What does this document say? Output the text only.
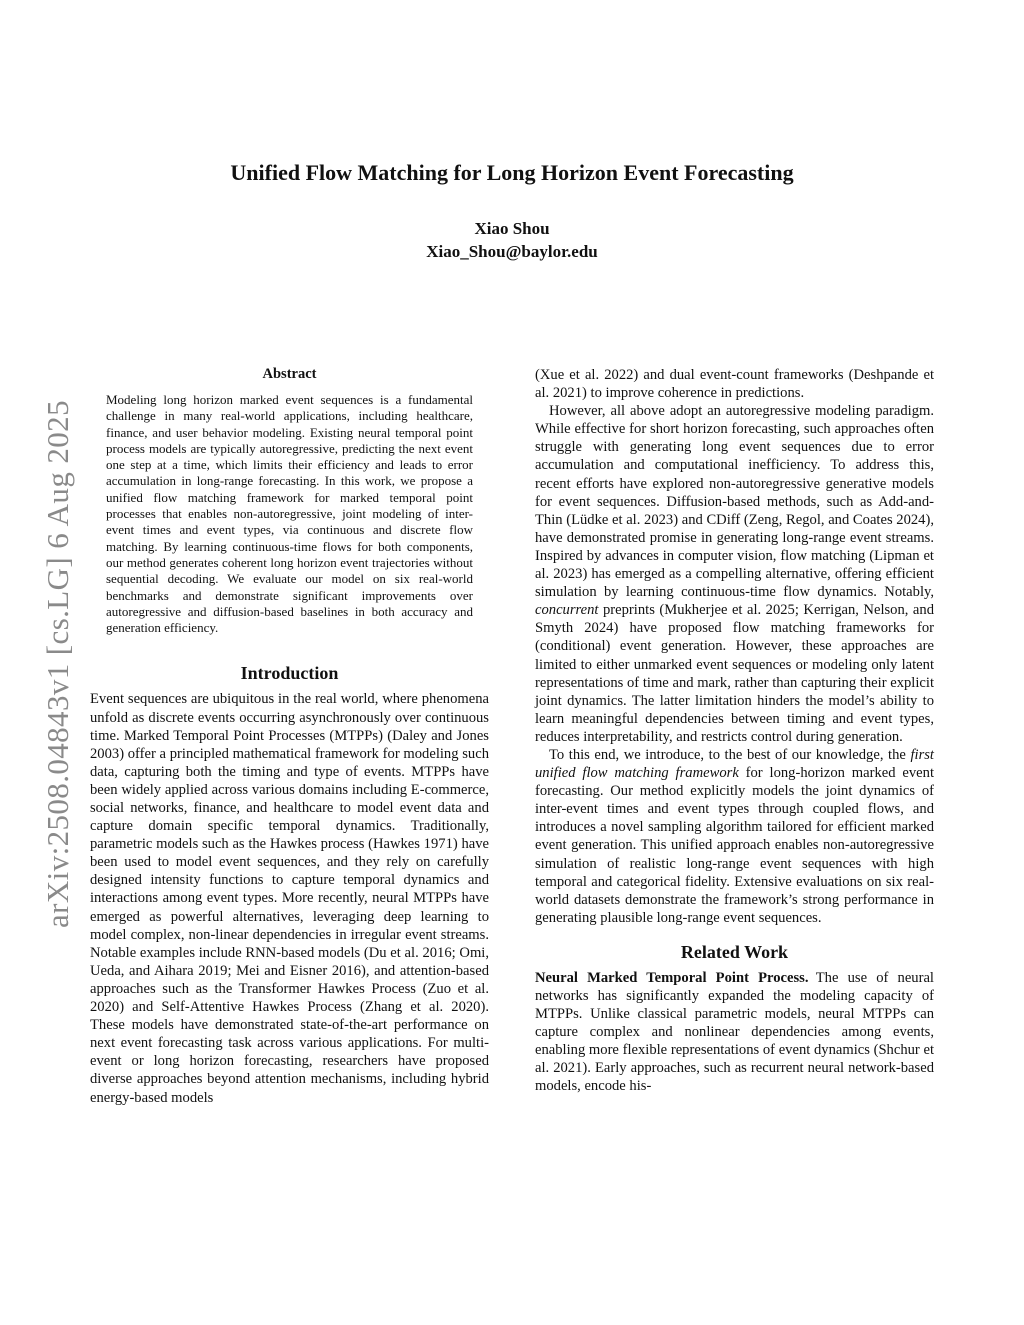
arXiv:2508.04843v1 [cs.LG] 6 Aug 2025
Unified Flow Matching for Long Horizon Event Forecasting
Xiao Shou
Xiao_Shou@baylor.edu
Abstract

Modeling long horizon marked event sequences is a fundamental challenge in many real-world applications, including healthcare, finance, and user behavior modeling. Existing neural temporal point process models are typically autoregressive, predicting the next event one step at a time, which limits their efficiency and leads to error accumulation in long-range forecasting. In this work, we propose a unified flow matching framework for marked temporal point processes that enables non-autoregressive, joint modeling of inter-event times and event types, via continuous and discrete flow matching. By learning continuous-time flows for both components, our method generates coherent long horizon event trajectories without sequential decoding. We evaluate our model on six real-world benchmarks and demonstrate significant improvements over autoregressive and diffusion-based baselines in both accuracy and generation efficiency.

Introduction

Event sequences are ubiquitous in the real world, where phenomena unfold as discrete events occurring asynchronously over continuous time. Marked Temporal Point Processes (MTPPs) (Daley and Jones 2003) offer a principled mathematical framework for modeling such data, capturing both the timing and type of events. MTPPs have been widely applied across various domains including E-commerce, social networks, finance, and healthcare to model event data and capture domain specific temporal dynamics. Traditionally, parametric models such as the Hawkes process (Hawkes 1971) have been used to model event sequences, and they rely on carefully designed intensity functions to capture temporal dynamics and interactions among event types. More recently, neural MTPPs have emerged as powerful alternatives, leveraging deep learning to model complex, non-linear dependencies in irregular event streams. Notable examples include RNN-based models (Du et al. 2016; Omi, Ueda, and Aihara 2019; Mei and Eisner 2016), and attention-based approaches such as the Transformer Hawkes Process (Zuo et al. 2020) and Self-Attentive Hawkes Process (Zhang et al. 2020). These models have demonstrated state-of-the-art performance on next event forecasting task across various applications. For multi-event or long horizon forecasting, researchers have proposed diverse approaches beyond attention mechanisms, including hybrid energy-based models

(Xue et al. 2022) and dual event-count frameworks (Deshpande et al. 2021) to improve coherence in predictions.

However, all above adopt an autoregressive modeling paradigm. While effective for short horizon forecasting, such approaches often struggle with generating long event sequences due to error accumulation and computational inefficiency. To address this, recent efforts have explored non-autoregressive generative models for event sequences. Diffusion-based methods, such as Add-and-Thin (Lüdke et al. 2023) and CDiff (Zeng, Regol, and Coates 2024), have demonstrated promise in generating long-range event streams. Inspired by advances in computer vision, flow matching (Lipman et al. 2023) has emerged as a compelling alternative, offering efficient simulation by learning continuous-time flow dynamics. Notably, concurrent preprints (Mukherjee et al. 2025; Kerrigan, Nelson, and Smyth 2024) have proposed flow matching frameworks for (conditional) event generation. However, these approaches are limited to either unmarked event sequences or modeling only latent representations of time and mark, rather than capturing their explicit joint dynamics. The latter limitation hinders the model’s ability to learn meaningful dependencies between timing and event types, reduces interpretability, and restricts control during generation.

To this end, we introduce, to the best of our knowledge, the first unified flow matching framework for long-horizon marked event forecasting. Our method explicitly models the joint dynamics of inter-event times and event types through coupled flows, and introduces a novel sampling algorithm tailored for efficient marked event generation. This unified approach enables non-autoregressive simulation of realistic long-range event sequences with high temporal and categorical fidelity. Extensive evaluations on six real-world datasets demonstrate the framework’s strong performance in generating plausible long-range event sequences.

Related Work

Neural Marked Temporal Point Process.  The use of neural networks has significantly expanded the modeling capacity of MTPPs. Unlike classical parametric models, neural MTPPs can capture complex and nonlinear dependencies among events, enabling more flexible representations of event dynamics (Shchur et al. 2021). Early approaches, such as recurrent neural network-based models, encode his-
